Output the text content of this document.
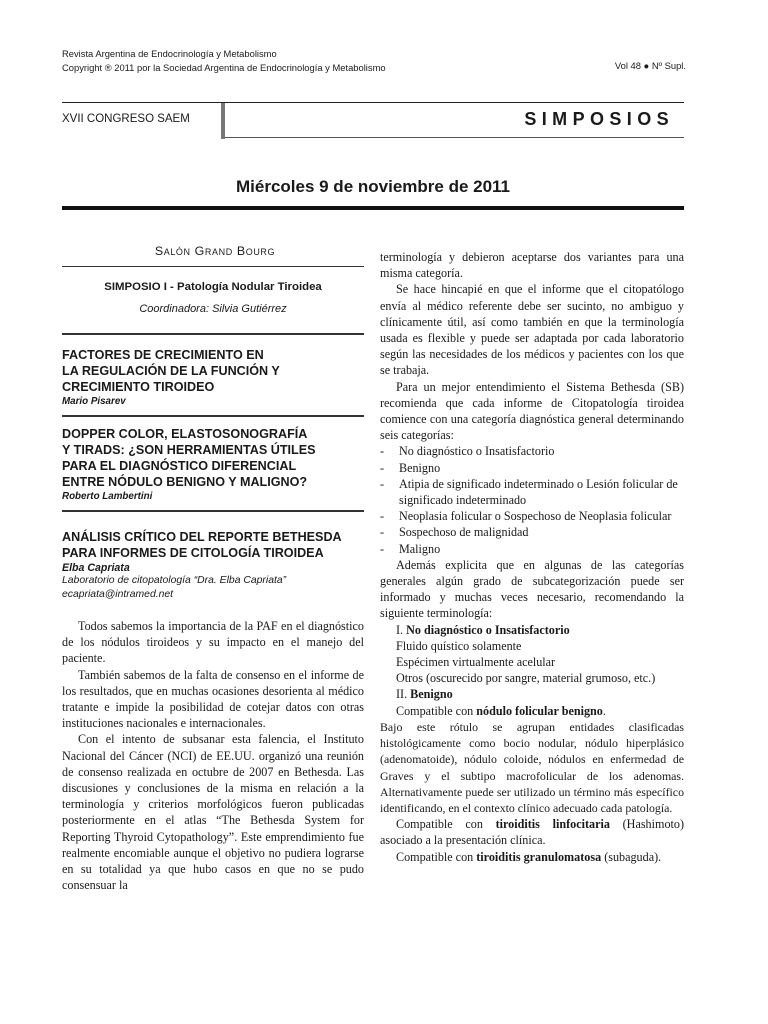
Revista Argentina de Endocrinología y Metabolismo
Copyright ® 2011 por la Sociedad Argentina de Endocrinología y Metabolismo	Vol 48 ● Nº Supl.
XVII CONGRESO SAEM	SIMPOSIOS
Miércoles 9 de noviembre de 2011
Salón Grand Bourg
SIMPOSIO I - Patología Nodular Tiroidea
Coordinadora: Silvia Gutiérrez
FACTORES DE CRECIMIENTO EN
LA REGULACIÓN DE LA FUNCIÓN Y
CRECIMIENTO TIROIDEO
Mario Pisarev
DOPPER COLOR, ELASTOSONOGRAFÍA
Y TIRADS: ¿SON HERRAMIENTAS ÚTILES
PARA EL DIAGNÓSTICO DIFERENCIAL
ENTRE NÓDULO BENIGNO Y MALIGNO?
Roberto Lambertini
ANÁLISIS CRÍTICO DEL REPORTE BETHESDA
PARA INFORMES DE CITOLOGÍA TIROIDEA
Elba Capriata
Laboratorio de citopatología “Dra. Elba Capriata”
ecapriata@intramed.net

Todos sabemos la importancia de la PAF en el diagnóstico de los nódulos tiroideos y su impacto en el manejo del paciente.

También sabemos de la falta de consenso en el informe de los resultados, que en muchas ocasiones desorienta al médico tratante e impide la posibilidad de cotejar datos con otras instituciones nacionales e internacionales.

Con el intento de subsanar esta falencia, el Instituto Nacional del Cáncer (NCI) de EE.UU. organizó una reunión de consenso realizada en octubre de 2007 en Bethesda. Las discusiones y conclusiones de la misma en relación a la terminología y criterios morfológicos fueron publicadas posteriormente en el atlas “The Bethesda System for Reporting Thyroid Cytopathology”. Este emprendimiento fue realmente encomiable aunque el objetivo no pudiera lograrse en su totalidad ya que hubo casos en que no se pudo consensuar la

terminología y debieron aceptarse dos variantes para una misma categoría.

Se hace hincapié en que el informe que el citopatólogo envía al médico referente debe ser sucinto, no ambiguo y clínicamente útil, así como también en que la terminología usada es flexible y puede ser adaptada por cada laboratorio según las necesidades de los médicos y pacientes con los que se trabaja.

Para un mejor entendimiento el Sistema Bethesda (SB) recomienda que cada informe de Citopatología tiroidea comience con una categoría diagnóstica general determinando seis categorías:

- No diagnóstico o Insatisfactorio
- Benigno
- Atipia de significado indeterminado o Lesión folicular de significado indeterminado
- Neoplasia folicular o Sospechoso de Neoplasia folicular
- Sospechoso de malignidad
- Maligno

Además explicita que en algunas de las categorías generales algún grado de subcategorización puede ser informado y muchas veces necesario, recomendando la siguiente terminología:

I. No diagnóstico o Insatisfactorio

Fluido quístico solamente

Espécimen virtualmente acelular

Otros (oscurecido por sangre, material grumoso, etc.)

II. Benigno

Compatible con nódulo folicular benigno.

Bajo este rótulo se agrupan entidades clasificadas histológicamente como bocio nodular, nódulo hiperplásico (adenomatoide), nódulo coloide, nódulos en enfermedad de Graves y el subtipo macrofolicular de los adenomas. Alternativamente puede ser utilizado un término más específico identificando, en el contexto clínico adecuado cada patología.

Compatible con tiroiditis linfocitaria (Hashimoto) asociado a la presentación clínica.

Compatible con tiroiditis granulomatosa (subaguda).
